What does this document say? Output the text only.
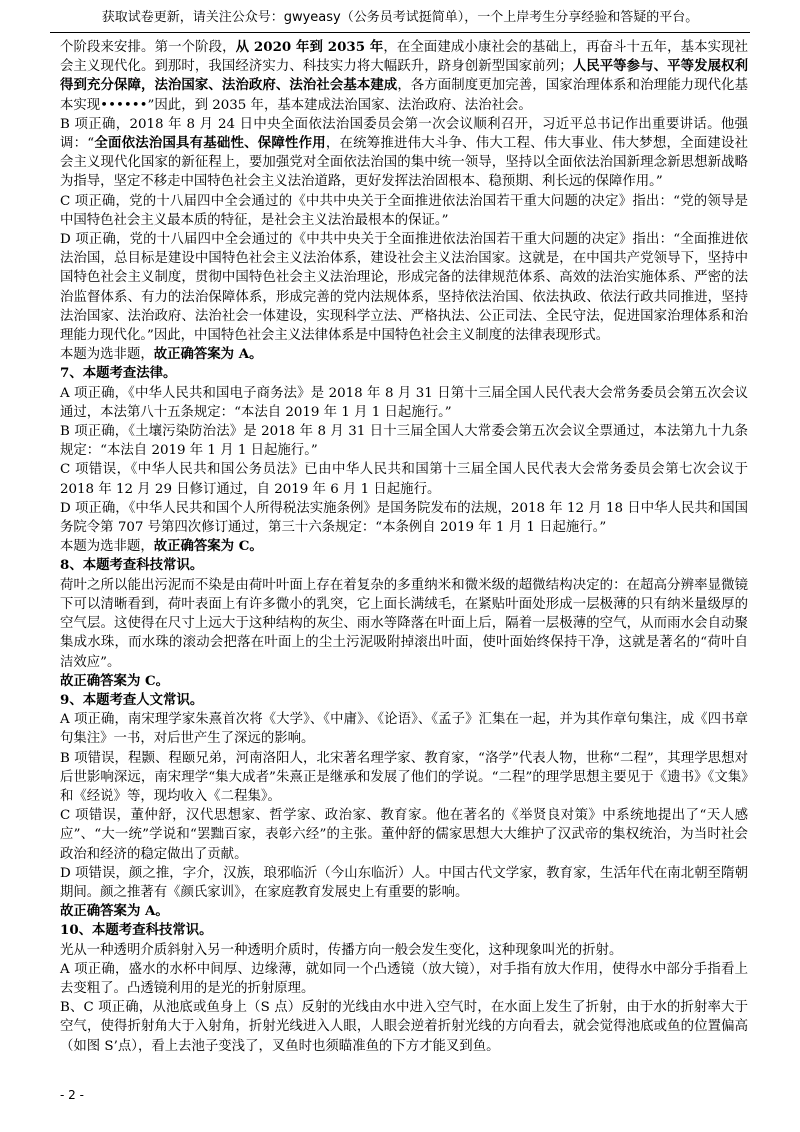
获取试卷更新，请关注公众号：gwyeasy（公务员考试挺简单），一个上岸考生分享经验和答疑的平台。

个阶段来安排。第一个阶段，从 2020 年到 2035 年，在全面建成小康社会的基础上，再奋斗十五年，基本实现社会主义现代化。到那时，我国经济实力、科技实力将大幅跃升，跻身创新型国家前列；人民平等参与、平等发展权利得到充分保障，法治国家、法治政府、法治社会基本建成，各方面制度更加完善，国家治理体系和治理能力现代化基本实现••••••”因此，到 2035 年，基本建成法治国家、法治政府、法治社会。

B 项正确，2018 年 8 月 24 日中央全面依法治国委员会第一次会议顺利召开，习近平总书记作出重要讲话。他强调：“全面依法治国具有基础性、保障性作用，在统筹推进伟大斗争、伟大工程、伟大事业、伟大梦想，全面建设社会主义现代化国家的新征程上，要加强党对全面依法治国的集中统一领导，坚持以全面依法治国新理念新思想新战略为指导，坚定不移走中国特色社会主义法治道路，更好发挥法治固根本、稳预期、利长远的保障作用。”

C 项正确，党的十八届四中全会通过的《中共中央关于全面推进依法治国若干重大问题的决定》指出：“党的领导是中国特色社会主义最本质的特征，是社会主义法治最根本的保证。”

D 项正确，党的十八届四中全会通过的《中共中央关于全面推进依法治国若干重大问题的决定》指出：“全面推进依法治国，总目标是建设中国特色社会主义法治体系，建设社会主义法治国家。这就是，在中国共产党领导下，坚持中国特色社会主义制度，贯彻中国特色社会主义法治理论，形成完备的法律规范体系、高效的法治实施体系、严密的法治监督体系、有力的法治保障体系，形成完善的党内法规体系，坚持依法治国、依法执政、依法行政共同推进，坚持法治国家、法治政府、法治社会一体建设，实现科学立法、严格执法、公正司法、全民守法，促进国家治理体系和治理能力现代化。”因此，中国特色社会主义法律体系是中国特色社会主义制度的法律表现形式。

本题为选非题，故正确答案为 A。

7、本题考查法律。

A 项正确，《中华人民共和国电子商务法》是 2018 年 8 月 31 日第十三届全国人民代表大会常务委员会第五次会议通过，本法第八十五条规定：“本法自 2019 年 1 月 1 日起施行。”

B 项正确，《土壤污染防治法》是 2018 年 8 月 31 日十三届全国人大常委会第五次会议全票通过，本法第九十九条规定：“本法自 2019 年 1 月 1 日起施行。”

C 项错误，《中华人民共和国公务员法》已由中华人民共和国第十三届全国人民代表大会常务委员会第七次会议于 2018 年 12 月 29 日修订通过，自 2019 年 6 月 1 日起施行。

D 项正确，《中华人民共和国个人所得税法实施条例》是国务院发布的法规，2018 年 12 月 18 日中华人民共和国国务院令第 707 号第四次修订通过，第三十六条规定：“本条例自 2019 年 1 月 1 日起施行。”

本题为选非题，故正确答案为 C。

8、本题考查科技常识。

荷叶之所以能出污泥而不染是由荷叶叶面上存在着复杂的多重纳米和微米级的超微结构决定的：在超高分辨率显微镜下可以清晰看到，荷叶表面上有许多微小的乳突，它上面长满绒毛，在紧贴叶面处形成一层极薄的只有纳米量级厚的空气层。这使得在尺寸上远大于这种结构的灰尘、雨水等降落在叶面上后，隔着一层极薄的空气，从而雨水会自动聚集成水珠，而水珠的滚动会把落在叶面上的尘土污泥吸附掉滚出叶面，使叶面始终保持干净，这就是著名的“荷叶自洁效应”。

故正确答案为 C。

9、本题考查人文常识。

A 项正确，南宋理学家朱熹首次将《大学》、《中庸》、《论语》、《孟子》汇集在一起，并为其作章句集注，成《四书章句集注》一书，对后世产生了深远的影响。

B 项错误，程颢、程颐兄弟，河南洛阳人，北宋著名理学家、教育家，“洛学”代表人物，世称“二程”，其理学思想对后世影响深远，南宋理学“集大成者”朱熹正是继承和发展了他们的学说。“二程”的理学思想主要见于《遗书》《文集》和《经说》等，现均收入《二程集》。

C 项错误，董仲舒，汉代思想家、哲学家、政治家、教育家。他在著名的《举贤良对策》中系统地提出了“天人感应”、“大一统”学说和“罢黜百家，表彰六经”的主张。董仲舒的儒家思想大大维护了汉武帝的集权统治，为当时社会政治和经济的稳定做出了贡献。

D 项错误，颜之推，字介，汉族，琅邪临沂（今山东临沂）人。中国古代文学家，教育家，生活年代在南北朝至隋朝期间。颜之推著有《颜氏家训》，在家庭教育发展史上有重要的影响。

故正确答案为 A。

10、本题考查科技常识。

光从一种透明介质斜射入另一种透明介质时，传播方向一般会发生变化，这种现象叫光的折射。

A 项正确，盛水的水杯中间厚、边缘薄，就如同一个凸透镜（放大镜），对手指有放大作用，使得水中部分手指看上去变粗了。凸透镜利用的是光的折射原理。

B、C 项正确，从池底或鱼身上（S 点）反射的光线由水中进入空气时，在水面上发生了折射，由于水的折射率大于空气，使得折射角大于入射角，折射光线进入人眼，人眼会逆着折射光线的方向看去，就会觉得池底或鱼的位置偏高（如图 S’点），看上去池子变浅了，叉鱼时也须瞄准鱼的下方才能叉到鱼。

- 2 -
